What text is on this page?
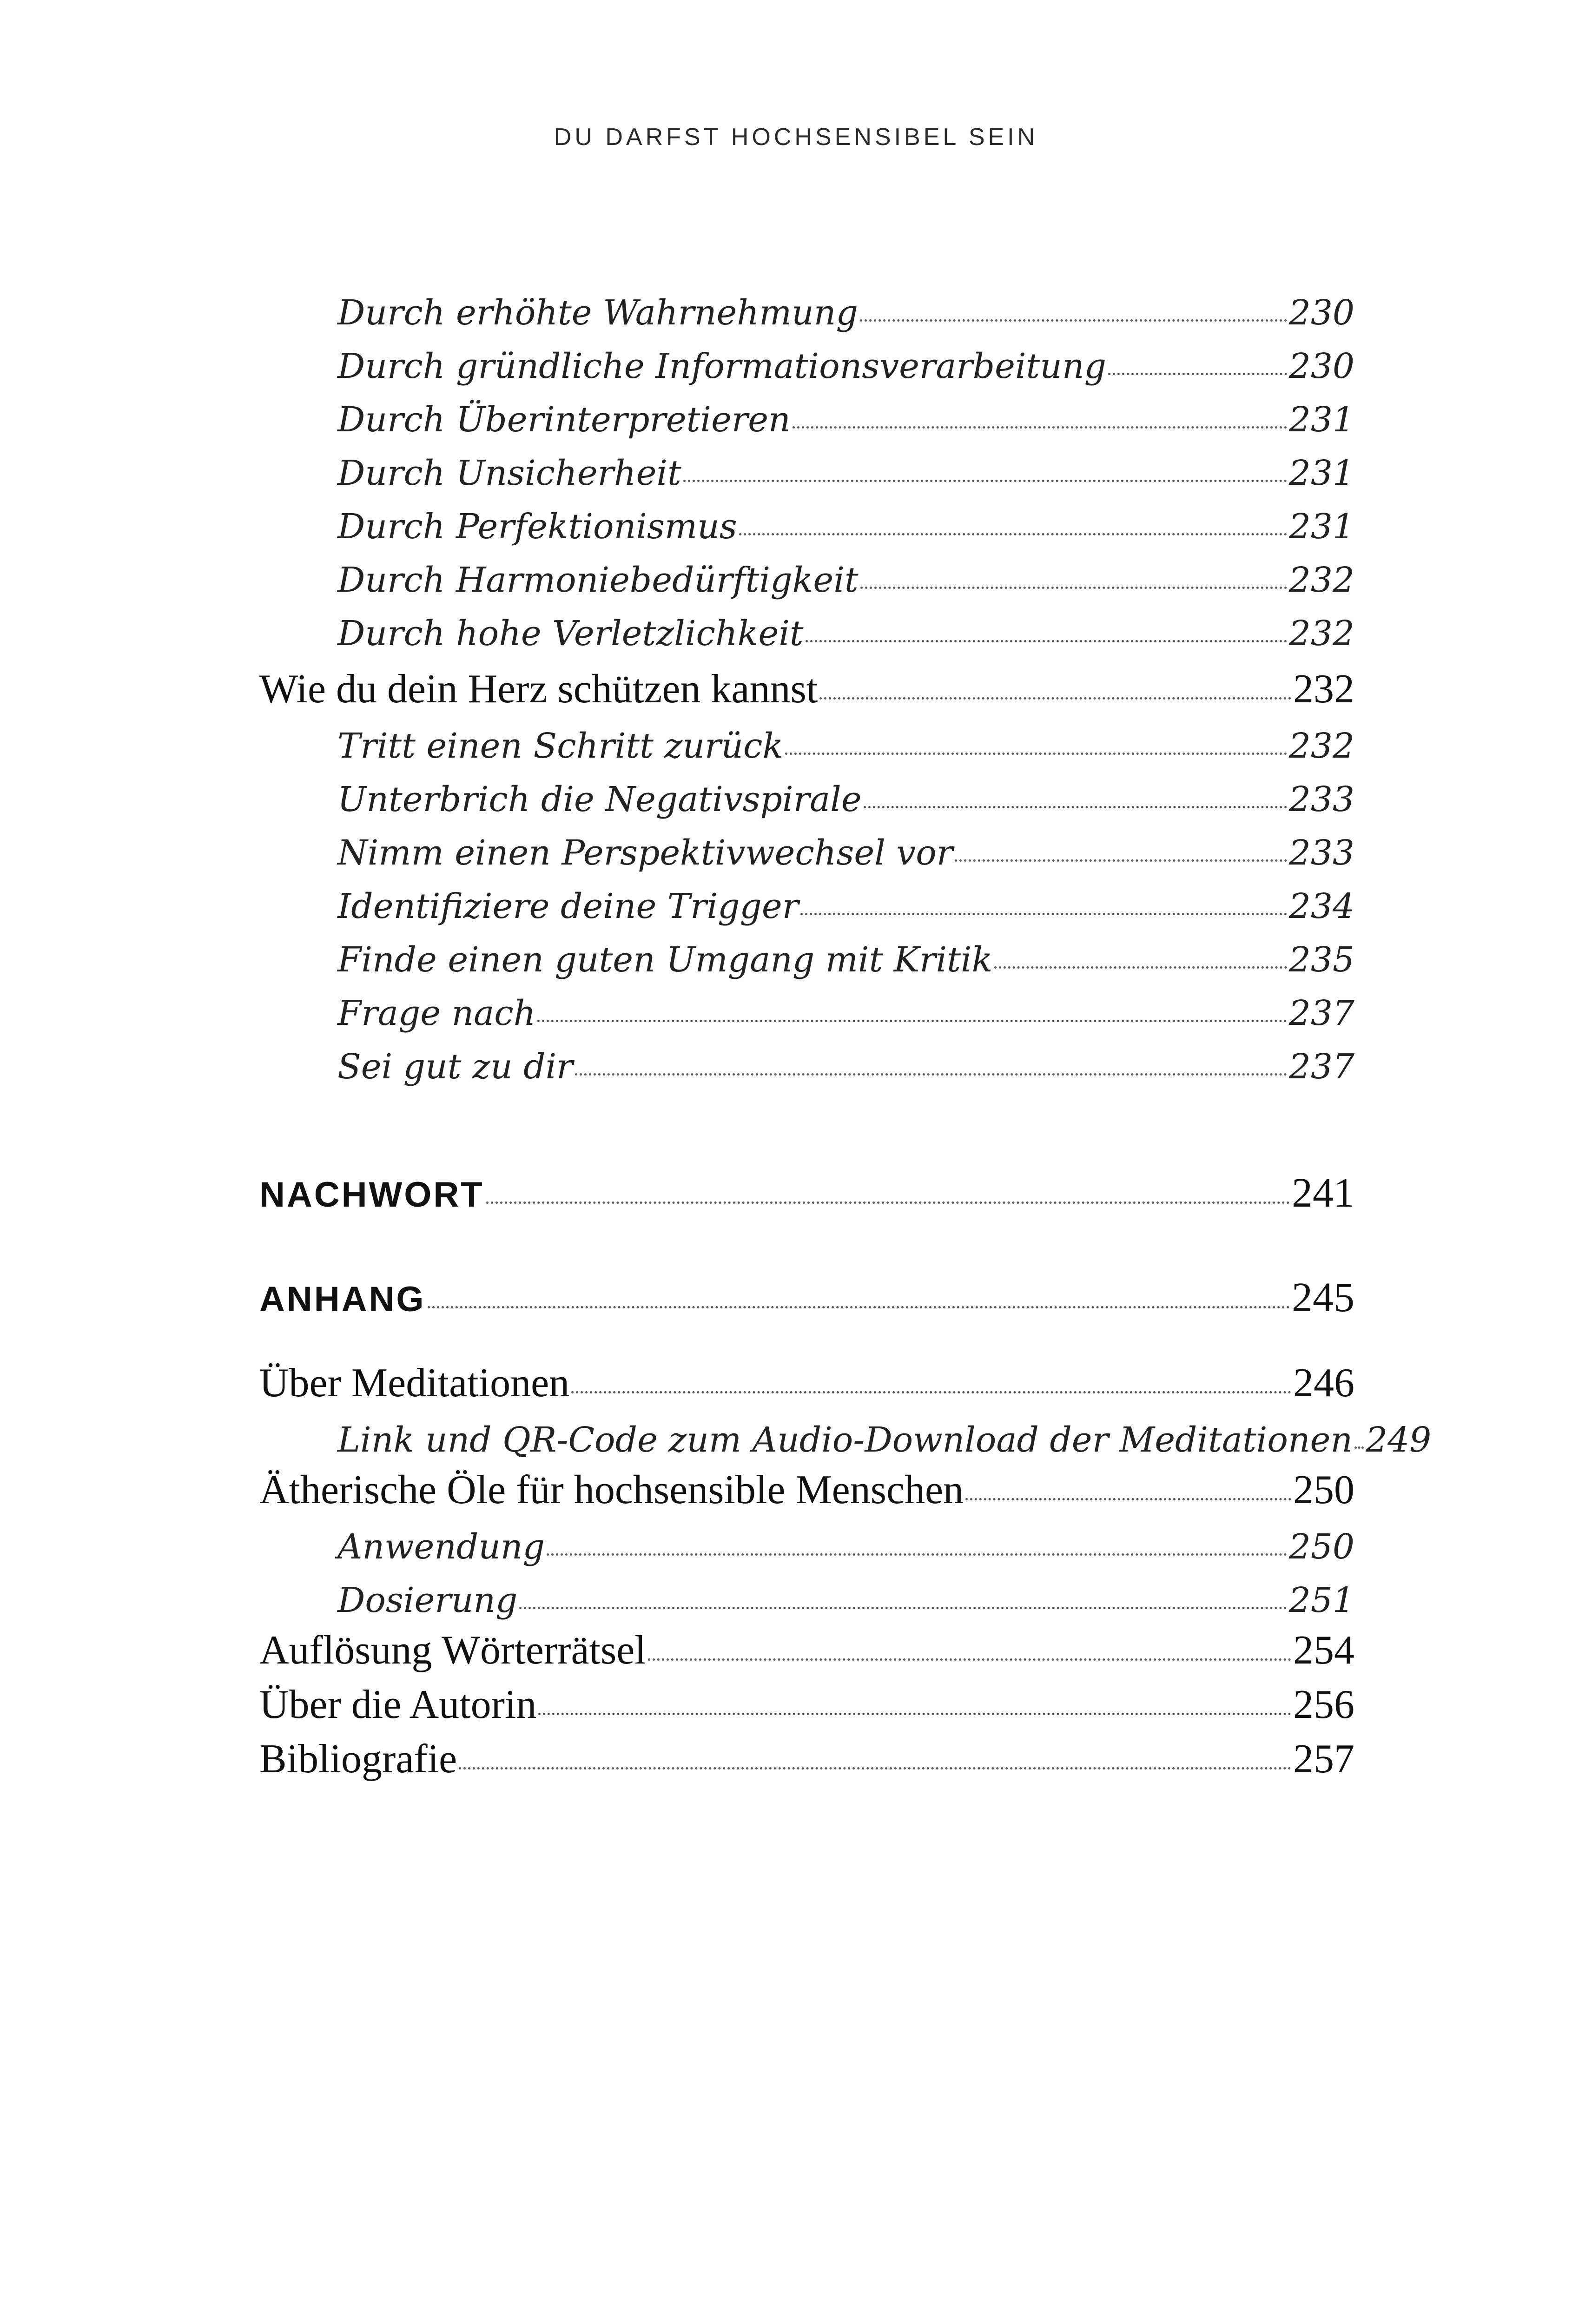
DU DARFST HOCHSENSIBEL SEIN
Durch erhöhte Wahrnehmung	230
Durch gründliche Informationsverarbeitung	230
Durch Überinterpretieren	231
Durch Unsicherheit	231
Durch Perfektionismus	231
Durch Harmoniebedürftigkeit	232
Durch hohe Verletzlichkeit	232
Wie du dein Herz schützen kannst	232
Tritt einen Schritt zurück	232
Unterbrich die Negativspirale	233
Nimm einen Perspektivwechsel vor	233
Identifiziere deine Trigger	234
Finde einen guten Umgang mit Kritik	235
Frage nach	237
Sei gut zu dir	237
NACHWORT	241
ANHANG	245
Über Meditationen	246
Link und QR-Code zum Audio-Download der Meditationen 249
Ätherische Öle für hochsensible Menschen	250
Anwendung	250
Dosierung	251
Auflösung Wörterrätsel	254
Über die Autorin	256
Bibliografie	257
